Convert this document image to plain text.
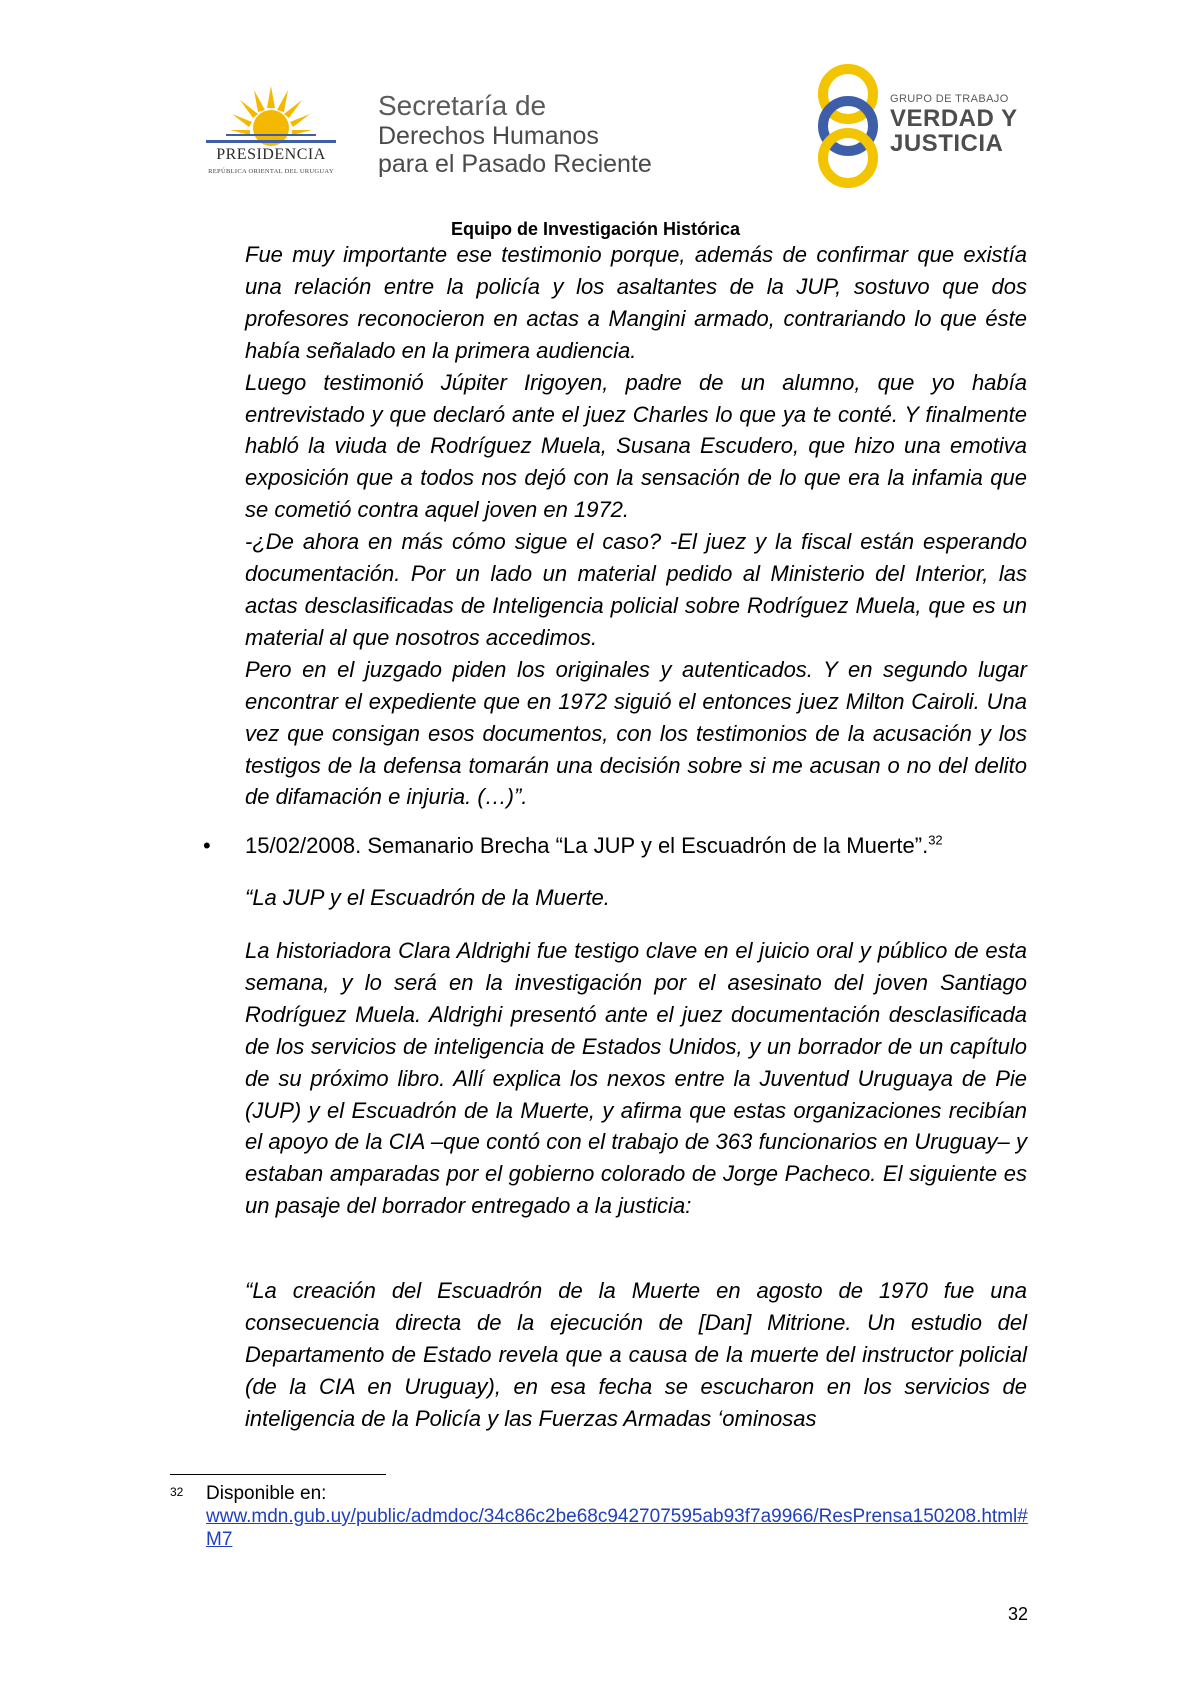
PRESIDENCIA
REPÚBLICA ORIENTAL DEL URUGUAY
Secretaría de
Derechos Humanos
para el Pasado Reciente
GRUPO DE TRABAJO
VERDAD Y
JUSTICIA
Equipo de Investigación Histórica

Fue muy importante ese testimonio porque, además de confirmar que existía una relación entre la policía y los asaltantes de la JUP, sostuvo que dos profesores reconocieron en actas a Mangini armado, contrariando lo que éste había señalado en la primera audiencia.

Luego testimonió Júpiter Irigoyen, padre de un alumno, que yo había entrevistado y que declaró ante el juez Charles lo que ya te conté. Y finalmente habló la viuda de Rodríguez Muela, Susana Escudero, que hizo una emotiva exposición que a todos nos dejó con la sensación de lo que era la infamia que se cometió contra aquel joven en 1972.

-¿De ahora en más cómo sigue el caso? -El juez y la fiscal están esperando documentación. Por un lado un material pedido al Ministerio del Interior, las actas desclasificadas de Inteligencia policial sobre Rodríguez Muela, que es un material al que nosotros accedimos.

Pero en el juzgado piden los originales y autenticados. Y en segundo lugar encontrar el expediente que en 1972 siguió el entonces juez Milton Cairoli. Una vez que consigan esos documentos, con los testimonios de la acusación y los testigos de la defensa tomarán una decisión sobre si me acusan o no del delito de difamación e injuria. (…)”.

•	15/02/2008. Semanario Brecha “La JUP y el Escuadrón de la Muerte”.$^{32}$

“La JUP y el Escuadrón de la Muerte.

La historiadora Clara Aldrighi fue testigo clave en el juicio oral y público de esta semana, y lo será en la investigación por el asesinato del joven Santiago Rodríguez Muela. Aldrighi presentó ante el juez documentación desclasificada de los servicios de inteligencia de Estados Unidos, y un borrador de un capítulo de su próximo libro. Allí explica los nexos entre la Juventud Uruguaya de Pie (JUP) y el Escuadrón de la Muerte, y afirma que estas organizaciones recibían el apoyo de la CIA –que contó con el trabajo de 363 funcionarios en Uruguay– y estaban amparadas por el gobierno colorado de Jorge Pacheco. El siguiente es un pasaje del borrador entregado a la justicia:

“La creación del Escuadrón de la Muerte en agosto de 1970 fue una consecuencia directa de la ejecución de [Dan] Mitrione. Un estudio del Departamento de Estado revela que a causa de la muerte del instructor policial (de la CIA en Uruguay), en esa fecha se escucharon en los servicios de inteligencia de la Policía y las Fuerzas Armadas ‘ominosas

32 Disponible en:
www.mdn.gub.uy/public/admdoc/34c86c2be68c942707595ab93f7a9966/ResPrensa150208.html#M7
32
